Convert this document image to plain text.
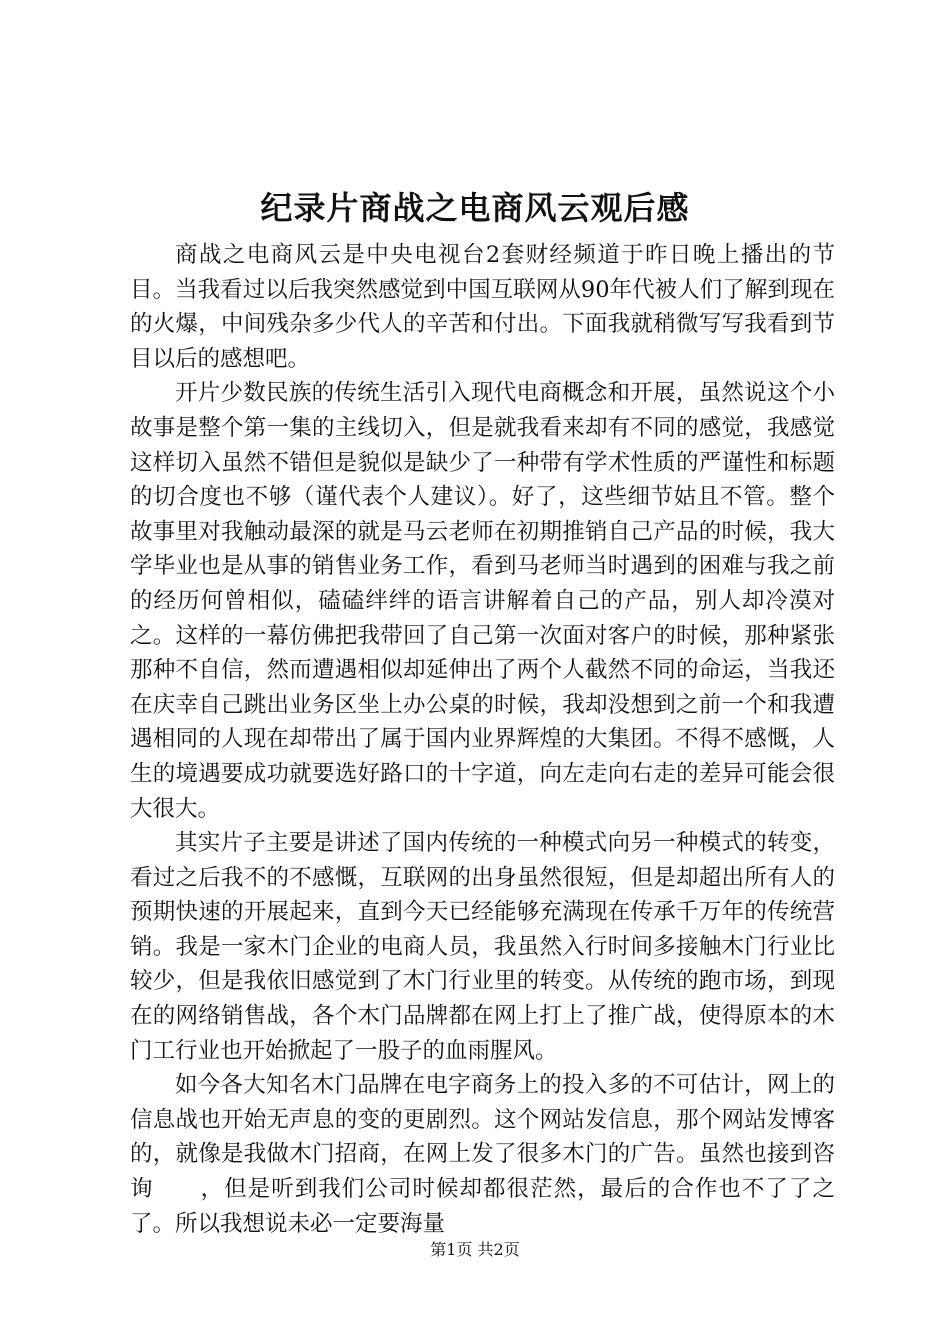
纪录片商战之电商风云观后感

商战之电商风云是中央电视台2套财经频道于昨日晚上播出的节目。当我看过以后我突然感觉到中国互联网从90年代被人们了解到现在的火爆，中间残杂多少代人的辛苦和付出。下面我就稍微写写我看到节目以后的感想吧。

开片少数民族的传统生活引入现代电商概念和开展，虽然说这个小故事是整个第一集的主线切入，但是就我看来却有不同的感觉，我感觉这样切入虽然不错但是貌似是缺少了一种带有学术性质的严谨性和标题的切合度也不够（谨代表个人建议）。好了，这些细节姑且不管。整个故事里对我触动最深的就是马云老师在初期推销自己产品的时候，我大学毕业也是从事的销售业务工作，看到马老师当时遇到的困难与我之前的经历何曾相似，磕磕绊绊的语言讲解着自己的产品，别人却冷漠对之。这样的一幕仿佛把我带回了自己第一次面对客户的时候，那种紧张那种不自信，然而遭遇相似却延伸出了两个人截然不同的命运，当我还在庆幸自己跳出业务区坐上办公桌的时候，我却没想到之前一个和我遭遇相同的人现在却带出了属于国内业界辉煌的大集团。不得不感慨，人生的境遇要成功就要选好路口的十字道，向左走向右走的差异可能会很大很大。

其实片子主要是讲述了国内传统的一种模式向另一种模式的转变，看过之后我不的不感慨，互联网的出身虽然很短，但是却超出所有人的预期快速的开展起来，直到今天已经能够充满现在传承千万年的传统营销。我是一家木门企业的电商人员，我虽然入行时间多接触木门行业比较少，但是我依旧感觉到了木门行业里的转变。从传统的跑市场，到现在的网络销售战，各个木门品牌都在网上打上了推广战，使得原本的木门工行业也开始掀起了一股子的血雨腥风。

如今各大知名木门品牌在电字商务上的投入多的不可估计，网上的信息战也开始无声息的变的更剧烈。这个网站发信息，那个网站发博客的，就像是我做木门招商，在网上发了很多木门的广告。虽然也接到咨询　　，但是听到我们公司时候却都很茫然，最后的合作也不了了之了。所以我想说未必一定要海量

第1页 共2页
